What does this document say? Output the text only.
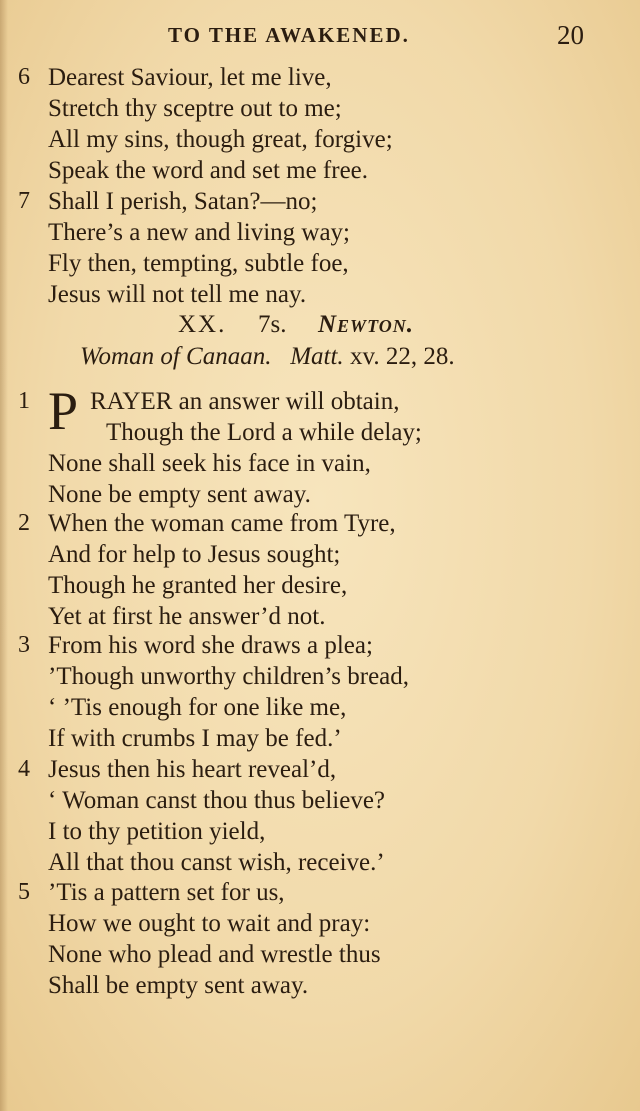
TO THE AWAKENED.	20
6 Dearest Saviour, let me live,
Stretch thy sceptre out to me;
All my sins, though great, forgive;
Speak the word and set me free.
7 Shall I perish, Satan?—no;
There’s a new and living way;
Fly then, tempting, subtle foe,
Jesus will not tell me nay.
XX. 7s. Newton.
Woman of Canaan. Matt. xv. 22, 28.
1 P RAYER an answer will obtain,
Though the Lord a while delay;
None shall seek his face in vain,
None be empty sent away.
2 When the woman came from Tyre,
And for help to Jesus sought;
Though he granted her desire,
Yet at first he answer’d not.
3 From his word she draws a plea;
’Though unworthy children’s bread,
‘ ’Tis enough for one like me,
If with crumbs I may be fed.’
4 Jesus then his heart reveal’d,
‘ Woman canst thou thus believe?
I to thy petition yield,
All that thou canst wish, receive.’
5 ’Tis a pattern set for us,
How we ought to wait and pray:
None who plead and wrestle thus
Shall be empty sent away.
